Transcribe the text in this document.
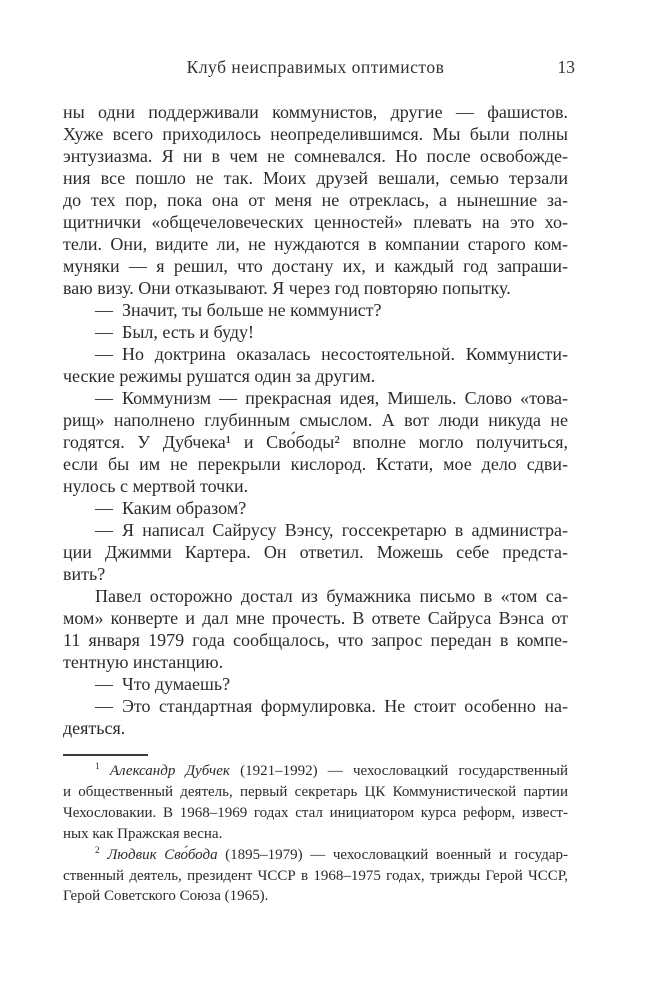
Клуб неисправимых оптимистов	13
ны одни поддерживали коммунистов, другие — фашистов.
Хуже всего приходилось неопределившимся. Мы были полны
энтузиазма. Я ни в чем не сомневался. Но после освобожде-
ния все пошло не так. Моих друзей вешали, семью терзали
до тех пор, пока она от меня не отреклась, а нынешние за-
щитнички «общечеловеческих ценностей» плевать на это хо-
тели. Они, видите ли, не нуждаются в компании старого ком-
муняки — я решил, что достану их, и каждый год запраши-
ваю визу. Они отказывают. Я через год повторяю попытку.
— Значит, ты больше не коммунист?
— Был, есть и буду!
— Но доктрина оказалась несостоятельной. Коммунисти-
ческие режимы рушатся один за другим.
— Коммунизм — прекрасная идея, Мишель. Слово «това-
рищ» наполнено глубинным смыслом. А вот люди никуда не
годятся. У Дубчека¹ и Сво́боды² вполне могло получиться,
если бы им не перекрыли кислород. Кстати, мое дело сдви-
нулось с мертвой точки.
— Каким образом?
— Я написал Сайрусу Вэнсу, госсекретарю в администра-
ции Джимми Картера. Он ответил. Можешь себе предста-
вить?
Павел осторожно достал из бумажника письмо в «том са-
мом» конверте и дал мне прочесть. В ответе Сайруса Вэнса от
11 января 1979 года сообщалось, что запрос передан в компе-
тентную инстанцию.
— Что думаешь?
— Это стандартная формулировка. Не стоит особенно на-
деяться.
$^1$ Александр Дубчек (1921–1992) — чехословацкий государственный
и общественный деятель, первый секретарь ЦК Коммунистической партии
Чехословакии. В 1968–1969 годах стал инициатором курса реформ, извест-
ных как Пражская весна.
$^2$ Людвик Сво́бода (1895–1979) — чехословацкий военный и государ-
ственный деятель, президент ЧССР в 1968–1975 годах, трижды Герой ЧССР,
Герой Советского Союза (1965).
